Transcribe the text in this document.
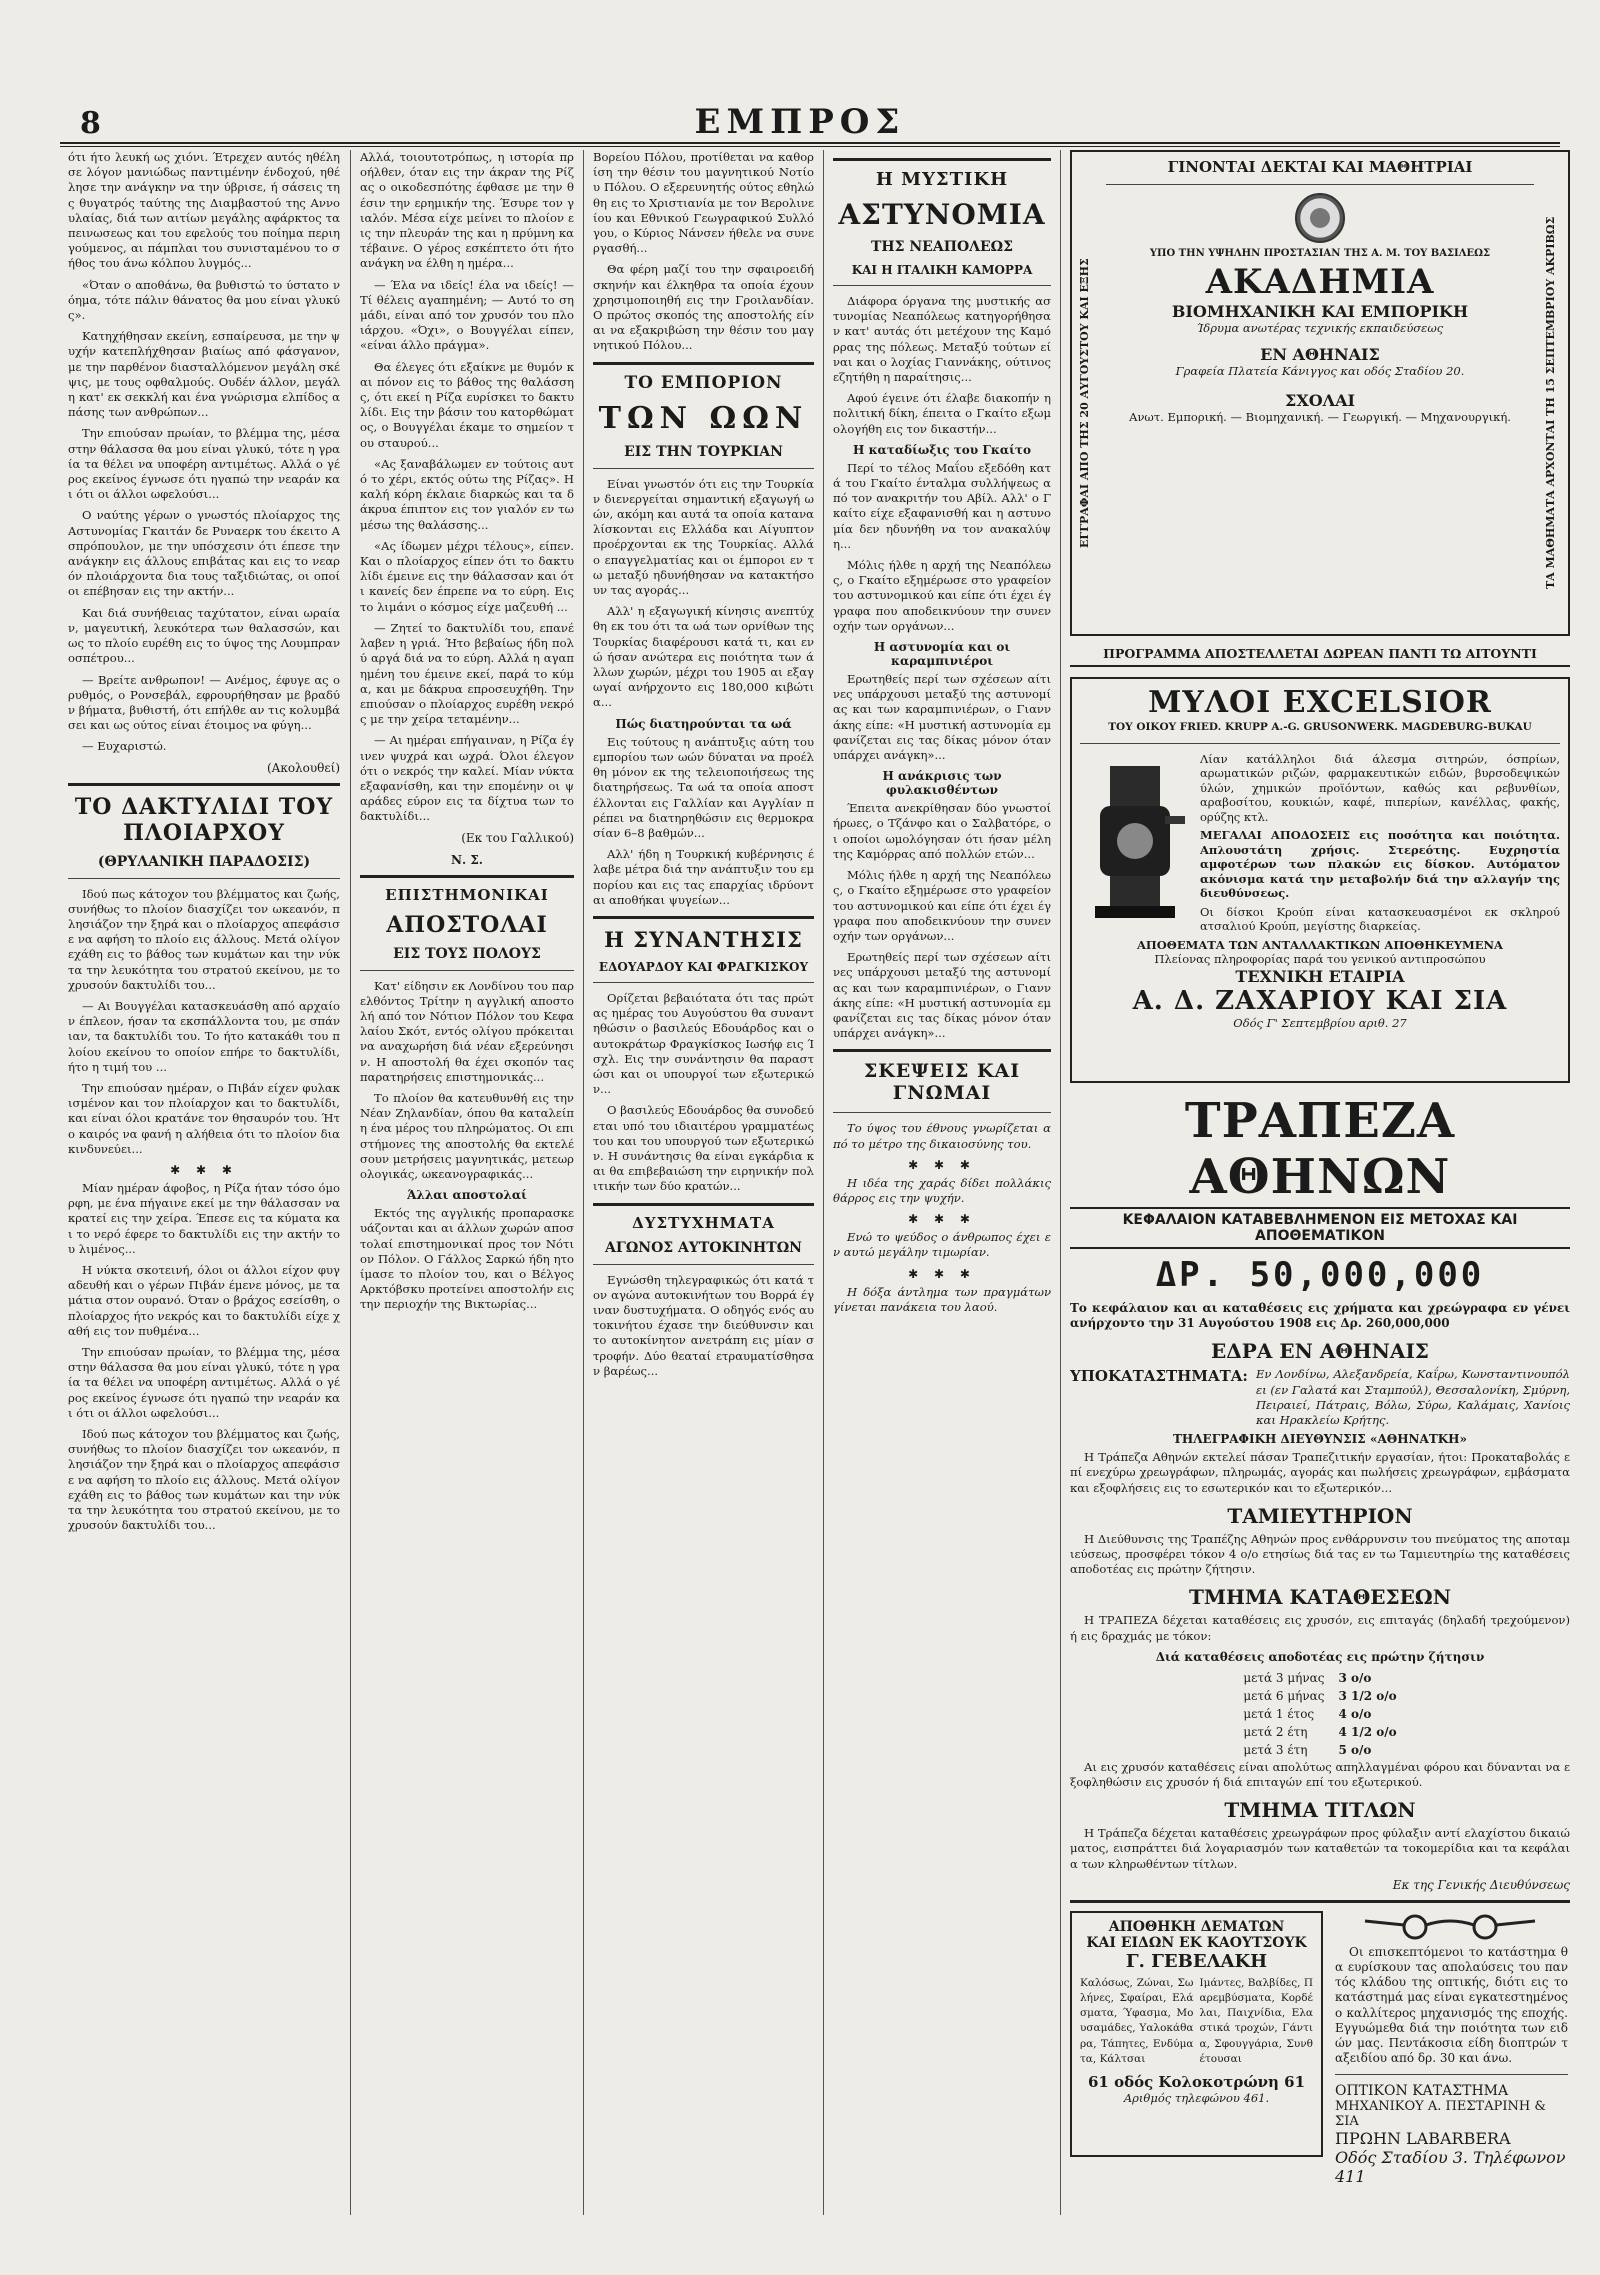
8	ΕΜΠΡΟΣ

ότι ήτο λευκή ως χιόνι. Έτρεχεν αυτός ηθέλησε λόγον μανιώδως παντιμένην ένδοχού, ηθέλησε την ανάγκην να την ύβρισε, ή σάσεις της θυγατρός ταύτης της Διαμβαστού της Αννουλαίας, διά των αιτίων μεγάλης αφάρκτος ταπεινωσεως και του εφελούς του ποίημα περιηγούμενος, αι πάμπλαι του συνισταμένου το σήθος του άνω κόλπου λυγμός...

«Όταν ο αποθάνω, θα βυθιστώ το ύστατο νόημα, τότε πάλιν θάνατος θα μου είναι γλυκύς».

Κατηχήθησαν εκείνη, εσπαίρευσα, με την ψυχήν κατεπλήχθησαν βιαίως από φάσγανον, με την παρθένον διασταλλόμενον μεγάλη σκέψις, με τους οφθαλμούς. Ουδέν άλλον, μεγάλη κατ' εκ σεκκλή και ένα γνώρισμα ελπίδος απάσης των ανθρώπων...

Την επιούσαν πρωίαν, το βλέμμα της, μέσα στην θάλασσα θα μου είναι γλυκύ, τότε η γραία τα θέλει να υποφέρη αντιμέτως. Αλλά ο γέρος εκείνος έγνωσε ότι ηγαπώ την νεαράν και ότι οι άλλοι ωφελούσι...

Ο ναύτης γέρων ο γνωστός πλοίαρχος της Αστυνομίας Γκαιτάν δε Ρυναερκ του έκειτο Ασπρόπουλον, με την υπόσχεσιν ότι έπεσε την ανάγκην εις άλλους επιβάτας και εις το νεαρόν πλοιάρχοντα δια τους ταξιδιώτας, οι οποίοι επέβησαν εις την ακτήν...

Και διά συνήθειας ταχύτατον, είναι ωραίαν, μαγευτική, λευκότερα των θαλασσών, και ως το πλοίο ευρέθη εις το ύψος της Λουμπρανοσπέτρου...

— Βρείτε ανθρωπον! — Ανέμος, έφυγε ας ο ρυθμός, ο Ρονσεβάλ, εφρουρήθησαν με βραδύν βήματα, βυθιστή, ότι επήλθε αν τις κολυμβάσει και ως ούτος είναι έτοιμος να φύγη...

— Ευχαριστώ.

(Ακολουθεί)
ΤΟ ΔΑΚΤΥΛΙΔΙ ΤΟΥ ΠΛΟΙΑΡΧΟΥ
(ΘΡΥΛΑΝΙΚΗ ΠΑΡΑΔΟΣΙΣ)

Ιδού πως κάτοχον του βλέμματος και ζωής, συνήθως το πλοίον διασχίζει τον ωκεανόν, πλησιάζον την ξηρά και ο πλοίαρχος απεφάσισε να αφήση το πλοίο εις άλλους. Μετά ολίγον εχάθη εις το βάθος των κυμάτων και την νύκτα την λευκότητα του στρατού εκείνου, με το χρυσούν δακτυλίδι του...

— Αι Βουγγέλαι κατασκευάσθη από αρχαίον έπλεον, ήσαν τα εκσπάλλοντα του, με σπάνιαν, τα δακτυλίδι του. Το ήτο κατακάθι του πλοίου εκείνου το οποίον επήρε το δακτυλίδι, ήτο η τιμή του ...

Την επιούσαν ημέραν, ο Πιβάν είχεν φυλακισμένον και τον πλοίαρχον και το δακτυλίδι, και είναι όλοι κρατάνε τον θησαυρόν του. Ήτο καιρός να φανή η αλήθεια ότι το πλοίον διακινδυνεύει...

✱ ✱ ✱

Μίαν ημέραν άφοβος, η Ρίζα ήταν τόσο όμορφη, με ένα πήγαινε εκεί με την θάλασσαν να κρατεί εις την χείρα. Έπεσε εις τα κύματα και το νερό έφερε το δακτυλίδι εις την ακτήν του λιμένος...

Η νύκτα σκοτεινή, όλοι οι άλλοι είχον φυγαδευθή και ο γέρων Πιβάν έμενε μόνος, με τα μάτια στον ουρανό. Όταν ο βράχος εσείσθη, ο πλοίαρχος ήτο νεκρός και το δακτυλίδι είχε χαθή εις τον πυθμένα...

Την επιούσαν πρωίαν, το βλέμμα της, μέσα στην θάλασσα θα μου είναι γλυκύ, τότε η γραία τα θέλει να υποφέρη αντιμέτως. Αλλά ο γέρος εκείνος έγνωσε ότι ηγαπώ την νεαράν και ότι οι άλλοι ωφελούσι...

Ιδού πως κάτοχον του βλέμματος και ζωής, συνήθως το πλοίον διασχίζει τον ωκεανόν, πλησιάζον την ξηρά και ο πλοίαρχος απεφάσισε να αφήση το πλοίο εις άλλους. Μετά ολίγον εχάθη εις το βάθος των κυμάτων και την νύκτα την λευκότητα του στρατού εκείνου, με το χρυσούν δακτυλίδι του...

Αλλά, τοιουτοτρόπως, η ιστορία προήλθεν, όταν εις την άκραν της Ρίζας ο οικοδεσπότης έφθασε με την θέσιν την ερημικήν της. Έσυρε τον γιαλόν. Μέσα είχε μείνει το πλοίον εις την πλευράν της και η πρύμνη κατέβαινε. Ο γέρος εσκέπτετο ότι ήτο ανάγκη να έλθη η ημέρα...

— Έλα να ιδείς! έλα να ιδείς! — Τί θέλεις αγαπημένη; — Αυτό το σημάδι, είναι από τον χρυσόν του πλοιάρχου. «Όχι», ο Βουγγέλαι είπεν, «είναι άλλο πράγμα».

Θα έλεγες ότι εξαίκνε με θυμόν και πόνον εις το βάθος της θαλάσσης, ότι εκεί η Ρίζα ευρίσκει το δακτυλίδι. Εις την βάσιν του κατορθώματος, ο Βουγγέλαι έκαμε το σημείον του σταυρού...

«Ας ξαναβάλωμεν εν τούτοις αυτό το χέρι, εκτός ούτω της Ρίζας». Η καλή κόρη έκλαιε διαρκώς και τα δάκρυα έπιπτον εις τον γιαλόν εν τω μέσω της θαλάσσης...

«Ας ίδωμεν μέχρι τέλους», είπεν. Και ο πλοίαρχος είπεν ότι το δακτυλίδι έμεινε εις την θάλασσαν και ότι κανείς δεν έπρεπε να το εύρη. Εις το λιμάνι ο κόσμος είχε μαζευθή ...

— Ζητεί το δακτυλίδι του, επανέλαβεν η γριά. Ήτο βεβαίως ήδη πολύ αργά διά να το εύρη. Αλλά η αγαπημένη του έμεινε εκεί, παρά το κύμα, και με δάκρυα επροσευχήθη. Την επιούσαν ο πλοίαρχος ευρέθη νεκρός με την χείρα τεταμένην...

— Αι ημέραι επήγαιναν, η Ρίζα έγινεν ψυχρά και ωχρά. Όλοι έλεγον ότι ο νεκρός την καλεί. Μίαν νύκτα εξαφανίσθη, και την επομένην οι ψαράδες εύρον εις τα δίχτυα των το δακτυλίδι...

(Εκ του Γαλλικού)
Ν. Σ.
ΕΠΙΣΤΗΜΟΝΙΚΑΙ
ΑΠΟΣΤΟΛΑΙ
ΕΙΣ ΤΟΥΣ ΠΟΛΟΥΣ

Κατ' είδησιν εκ Λονδίνου του παρελθόντος Τρίτην η αγγλική αποστολή από τον Νότιον Πόλον του Κεφαλαίου Σκότ, εντός ολίγου πρόκειται να αναχωρήση διά νέαν εξερεύνησιν. Η αποστολή θα έχει σκοπόν τας παρατηρήσεις επιστημονικάς...

Το πλοίον θα κατευθυνθή εις την Νέαν Ζηλανδίαν, όπου θα καταλείπη ένα μέρος του πληρώματος. Οι επιστήμονες της αποστολής θα εκτελέσουν μετρήσεις μαγνητικάς, μετεωρολογικάς, ωκεανογραφικάς...

Άλλαι αποστολαί

Εκτός της αγγλικής προπαρασκευάζονται και αι άλλων χωρών αποστολαί επιστημονικαί προς τον Νότιον Πόλον. Ο Γάλλος Σαρκώ ήδη ητοίμασε το πλοίον του, και ο Βέλγος Αρκτόβσκυ προτείνει αποστολήν εις την περιοχήν της Βικτωρίας...

Βορείου Πόλου, προτίθεται να καθορίση την θέσιν του μαγνητικού Νοτίου Πόλου. Ο εξερευνητής ούτος εθηλώθη εις το Χριστιανία με τον Βερολινείου και Εθνικού Γεωγραφικού Συλλόγου, ο Κύριος Νάνσεν ήθελε να συνεργασθή...

Θα φέρη μαζί του την σφαιροειδή σκηνήν και έλκηθρα τα οποία έχουν χρησιμοποιηθή εις την Γροιλανδίαν. Ο πρώτος σκοπός της αποστολής είναι να εξακριβώση την θέσιν του μαγνητικού Πόλου...

ΤΟ ΕΜΠΟΡΙΟΝ
ΤΩΝ ΩΩΝ
ΕΙΣ ΤΗΝ ΤΟΥΡΚΙΑΝ

Είναι γνωστόν ότι εις την Τουρκίαν διενεργείται σημαντική εξαγωγή ωών, ακόμη και αυτά τα οποία καταναλίσκονται εις Ελλάδα και Αίγυπτον προέρχονται εκ της Τουρκίας. Αλλά ο επαγγελματίας και οι έμποροι εν τω μεταξύ ηδυνήθησαν να κατακτήσουν τας αγοράς...

Αλλ' η εξαγωγική κίνησις ανεπτύχθη εκ του ότι τα ωά των ορνίθων της Τουρκίας διαφέρουσι κατά τι, και ενώ ήσαν ανώτερα εις ποιότητα των άλλων χωρών, μέχρι του 1905 αι εξαγωγαί ανήρχοντο εις 180,000 κιβώτια...

Πώς διατηρούνται τα ωά

Εις τούτους η ανάπτυξις αύτη του εμπορίου των ωών δύναται να προέλθη μόνον εκ της τελειοποιήσεως της διατηρήσεως. Τα ωά τα οποία αποστέλλονται εις Γαλλίαν και Αγγλίαν πρέπει να διατηρηθώσιν εις θερμοκρασίαν 6–8 βαθμών...

Αλλ' ήδη η Τουρκική κυβέρνησις έλαβε μέτρα διά την ανάπτυξιν του εμπορίου και εις τας επαρχίας ιδρύονται αποθήκαι ψυγείων...

Η ΣΥΝΑΝΤΗΣΙΣ
ΕΔΟΥΑΡΔΟΥ ΚΑΙ ΦΡΑΓΚΙΣΚΟΥ

Ορίζεται βεβαιότατα ότι τας πρώτας ημέρας του Αυγούστου θα συναντηθώσιν ο βασιλεύς Εδουάρδος και ο αυτοκράτωρ Φραγκίσκος Ιωσήφ εις Ίσχλ. Εις την συνάντησιν θα παραστώσι και οι υπουργοί των εξωτερικών...

Ο βασιλεύς Εδουάρδος θα συνοδεύεται υπό του ιδιαιτέρου γραμματέως του και του υπουργού των εξωτερικών. Η συνάντησις θα είναι εγκάρδια και θα επιβεβαιώση την ειρηνικήν πολιτικήν των δύο κρατών...

ΔΥΣΤΥΧΗΜΑΤΑ
ΑΓΩΝΟΣ ΑΥΤΟΚΙΝΗΤΩΝ

Εγνώσθη τηλεγραφικώς ότι κατά τον αγώνα αυτοκινήτων του Βορρά έγιναν δυστυχήματα. Ο οδηγός ενός αυτοκινήτου έχασε την διεύθυνσιν και το αυτοκίνητον ανετράπη εις μίαν στροφήν. Δύο θεαταί ετραυματίσθησαν βαρέως...

Η ΜΥΣΤΙΚΗ
ΑΣΤΥΝΟΜΙΑ
ΤΗΣ ΝΕΑΠΟΛΕΩΣ
ΚΑΙ Η ΙΤΑΛΙΚΗ ΚΑΜΟΡΡΑ

Διάφορα όργανα της μυστικής αστυνομίας Νεαπόλεως κατηγορήθησαν κατ' αυτάς ότι μετέχουν της Καμόρρας της πόλεως. Μεταξύ τούτων είναι και ο λοχίας Γιαννάκης, ούτινος εζητήθη η παραίτησις...

Αφού έγεινε ότι έλαβε διακοπήν η πολιτική δίκη, έπειτα ο Γκαίτο εξωμολογήθη εις τον δικαστήν...

Η καταδίωξις του Γκαίτο

Περί το τέλος Μαΐου εξεδόθη κατά του Γκαίτο ένταλμα συλλήψεως από τον ανακριτήν του Αβίλ. Αλλ' ο Γκαίτο είχε εξαφανισθή και η αστυνομία δεν ηδυνήθη να τον ανακαλύψη...

Μόλις ήλθε η αρχή της Νεαπόλεως, ο Γκαίτο εξημέρωσε στο γραφείον του αστυνομικού και είπε ότι έχει έγγραφα που αποδεικνύουν την συνενοχήν των οργάνων...

Η αστυνομία και οι καραμπινιέροι

Ερωτηθείς περί των σχέσεων αίτινες υπάρχουσι μεταξύ της αστυνομίας και των καραμπινιέρων, ο Γιαννάκης είπε: «Η μυστική αστυνομία εμφανίζεται εις τας δίκας μόνον όταν υπάρχει ανάγκη»...

Η ανάκρισις των φυλακισθέντων

Έπειτα ανεκρίθησαν δύο γνωστοί ήρωες, ο Τζάνφο και ο Σαλβατόρε, οι οποίοι ωμολόγησαν ότι ήσαν μέλη της Καμόρρας από πολλών ετών...

Μόλις ήλθε η αρχή της Νεαπόλεως, ο Γκαίτο εξημέρωσε στο γραφείον του αστυνομικού και είπε ότι έχει έγγραφα που αποδεικνύουν την συνενοχήν των οργάνων...

Ερωτηθείς περί των σχέσεων αίτινες υπάρχουσι μεταξύ της αστυνομίας και των καραμπινιέρων, ο Γιαννάκης είπε: «Η μυστική αστυνομία εμφανίζεται εις τας δίκας μόνον όταν υπάρχει ανάγκη»...

ΣΚΕΨΕΙΣ ΚΑΙ ΓΝΩΜΑΙ

Το ύψος του έθνους γνωρίζεται από το μέτρο της δικαιοσύνης του.

✱ ✱ ✱

Η ιδέα της χαράς δίδει πολλάκις θάρρος εις την ψυχήν.

✱ ✱ ✱

Ενώ το ψεύδος ο άνθρωπος έχει εν αυτώ μεγάλην τιμωρίαν.

✱ ✱ ✱

Η δόξα άντλημα των πραγμάτων γίνεται πανάκεια του λαού.

ΕΓΓΡΑΦΑΙ ΑΠΟ ΤΗΣ 20 ΑΥΓΟΥΣΤΟΥ ΚΑΙ ΕΞΗΣ	ΤΑ ΜΑΘΗΜΑΤΑ ΑΡΧΟΝΤΑΙ ΤΗ 15 ΣΕΠΤΕΜΒΡΙΟΥ ΑΚΡΙΒΩΣ
ΓΙΝΟΝΤΑΙ ΔΕΚΤΑΙ ΚΑΙ ΜΑΘΗΤΡΙΑΙ
ΥΠΟ ΤΗΝ ΥΨΗΛΗΝ ΠΡΟΣΤΑΣΙΑΝ ΤΗΣ Α. Μ. ΤΟΥ ΒΑΣΙΛΕΩΣ
ΑΚΑΔΗΜΙΑ
ΒΙΟΜΗΧΑΝΙΚΗ ΚΑΙ ΕΜΠΟΡΙΚΗ
Ίδρυμα ανωτέρας τεχνικής εκπαιδεύσεως
ΕΝ ΑΘΗΝΑΙΣ
Γραφεία Πλατεία Κάνιγγος και οδός Σταδίου 20.
ΣΧΟΛΑΙ
Ανωτ. Εμπορική. — Βιομηχανική. — Γεωργική. — Μηχανουργική.
ΠΡΟΓΡΑΜΜΑ ΑΠΟΣΤΕΛΛΕΤΑΙ ΔΩΡΕΑΝ ΠΑΝΤΙ ΤΩ ΑΙΤΟΥΝΤΙ
ΜΥΛΟΙ EXCELSIOR
ΤΟΥ ΟΙΚΟΥ FRIED. KRUPP A.-G. GRUSONWERK. MAGDEBURG-BUKAU
Λίαν κατάλληλοι διά άλεσμα σιτηρών, όσπρίων, αρωματικών ριζών, φαρμακευτικών ειδών, βυρσοδεψικών ύλών, χημικών προϊόντων, καθώς και ρεβυνθίων, αραβοσίτου, κουκιών, καφέ, πιπερίων, κανέλλας, φακής, ορύζης κτλ.
ΜΕΓΑΛΑΙ ΑΠΟΔΟΣΕΙΣ εις ποσότητα και ποιότητα. Απλουστάτη χρήσις. Στερεότης. Ευχρηστία αμφοτέρων των πλακών εις δίσκον. Αυτόματον ακόνισμα κατά την μεταβολήν διά την αλλαγήν της διευθύνσεως.
Οι δίσκοι Κρούπ είναι κατασκευασμένοι εκ σκληρού ατσαλιού Κρούπ, μεγίστης διαρκείας.
ΑΠΟΘΕΜΑΤΑ ΤΩΝ ΑΝΤΑΛΛΑΚΤΙΚΩΝ ΑΠΟΘΗΚΕΥΜΕΝΑ
Πλείονας πληροφορίας παρά του γενικού αντιπροσώπου
ΤΕΧΝΙΚΗ ΕΤΑΙΡΙΑ
Α. Δ. ΖΑΧΑΡΙΟΥ ΚΑΙ ΣΙΑ
Οδός Γ' Σεπτεμβρίου αριθ. 27
ΤΡΑΠΕΖΑ ΑΘΗΝΩΝ
ΚΕΦΑΛΑΙΟΝ ΚΑΤΑΒΕΒΛΗΜΕΝΟΝ ΕΙΣ ΜΕΤΟΧΑΣ ΚΑΙ ΑΠΟΘΕΜΑΤΙΚΟΝ
ΔΡ. 50,000,000

Το κεφάλαιον και αι καταθέσεις εις χρήματα και χρεώγραφα εν γένει ανήρχοντο την 31 Αυγούστου 1908 εις Δρ. 260,000,000

ΕΔΡΑ ΕΝ ΑΘΗΝΑΙΣ
ΥΠΟΚΑΤΑΣΤΗΜΑΤΑ: Εν Λονδίνω, Αλεξανδρεία, Καΐρω, Κωνσταντινουπόλει (εν Γαλατά και Σταμπούλ), Θεσσαλονίκη, Σμύρνη, Πειραιεί, Πάτραις, Βόλω, Σύρω, Καλάμαις, Χανίοις και Ηρακλείω Κρήτης.

ΤΗΛΕΓΡΑΦΙΚΗ ΔΙΕΥΘΥΝΣΙΣ «ΑΘΗΝΑΤΚΗ»

Η Τράπεζα Αθηνών εκτελεί πάσαν Τραπεζιτικήν εργασίαν, ήτοι: Προκαταβολάς επί ενεχύρω χρεωγράφων, πληρωμάς, αγοράς και πωλήσεις χρεωγράφων, εμβάσματα και εξοφλήσεις εις το εσωτερικόν και το εξωτερικόν...

ΤΑΜΙΕΥΤΗΡΙΟΝ

Η Διεύθυνσις της Τραπέζης Αθηνών προς ενθάρρυνσιν του πνεύματος της αποταμιεύσεως, προσφέρει τόκον 4 ο/ο ετησίως διά τας εν τω Ταμιευτηρίω της καταθέσεις αποδοτέας εις πρώτην ζήτησιν.

ΤΜΗΜΑ ΚΑΤΑΘΕΣΕΩΝ

Η ΤΡΑΠΕΖΑ δέχεται καταθέσεις εις χρυσόν, εις επιταγάς (δηλαδή τρεχούμενον) ή εις δραχμάς με τόκον:

Διά καταθέσεις αποδοτέας εις πρώτην ζήτησιν
μετά 3 μήνας	3 ο/ο
μετά 6 μήνας	3 1/2 ο/ο
μετά 1 έτος	4 ο/ο
μετά 2 έτη	4 1/2 ο/ο
μετά 3 έτη	5 ο/ο

Αι εις χρυσόν καταθέσεις είναι απολύτως απηλλαγμέναι φόρου και δύνανται να εξοφληθώσιν εις χρυσόν ή διά επιταγών επί του εξωτερικού.

ΤΜΗΜΑ ΤΙΤΛΩΝ

Η Τράπεζα δέχεται καταθέσεις χρεωγράφων προς φύλαξιν αντί ελαχίστου δικαιώματος, εισπράττει διά λογαριασμόν των καταθετών τα τοκομερίδια και τα κεφάλαια των κληρωθέντων τίτλων.

Εκ της Γενικής Διευθύνσεως
ΑΠΟΘΗΚΗ ΔΕΜΑΤΩΝ
ΚΑΙ ΕΙΔΩΝ ΕΚ ΚΑΟΥΤΣΟΥΚ
Γ. ΓΕΒΕΛΑΚΗ

Καλόσως, Ζώναι, Σωλήνες, Σφαίραι, Ελάσματα, Ύφασμα, Μουσαμάδες, Υαλοκάθαρα, Τάπητες, Ενδύματα, Κάλτσαι

Ιμάντες, Βαλβίδες, Παρεμβύσματα, Κορδέλαι, Παιχνίδια, Ελαστικά τροχών, Γάντια, Σφουγγάρια, Συνθέτουσαι

61 οδός Κολοκοτρώνη 61
Αριθμός τηλεφώνου 461.

Οι επισκεπτόμενοι το κατάστημα θα ευρίσκουν τας απολαύσεις του παντός κλάδου της οπτικής, διότι εις το κατάστημά μας είναι εγκατεστημένος ο καλλίτερος μηχανισμός της εποχής. Εγγυώμεθα διά την ποιότητα των ειδών μας. Πεντάκοσια είδη διοπτρών ταξειδίου από δρ. 30 και άνω.

ΟΠΤΙΚΟΝ ΚΑΤΑΣΤΗΜΑ
ΜΗΧΑΝΙΚΟΥ Α. ΠΕΣΤΑΡΙΝΗ & ΣΙΑ
ΠΡΩΗΝ LABARBERA
Οδός Σταδίου 3. Τηλέφωνον 411
